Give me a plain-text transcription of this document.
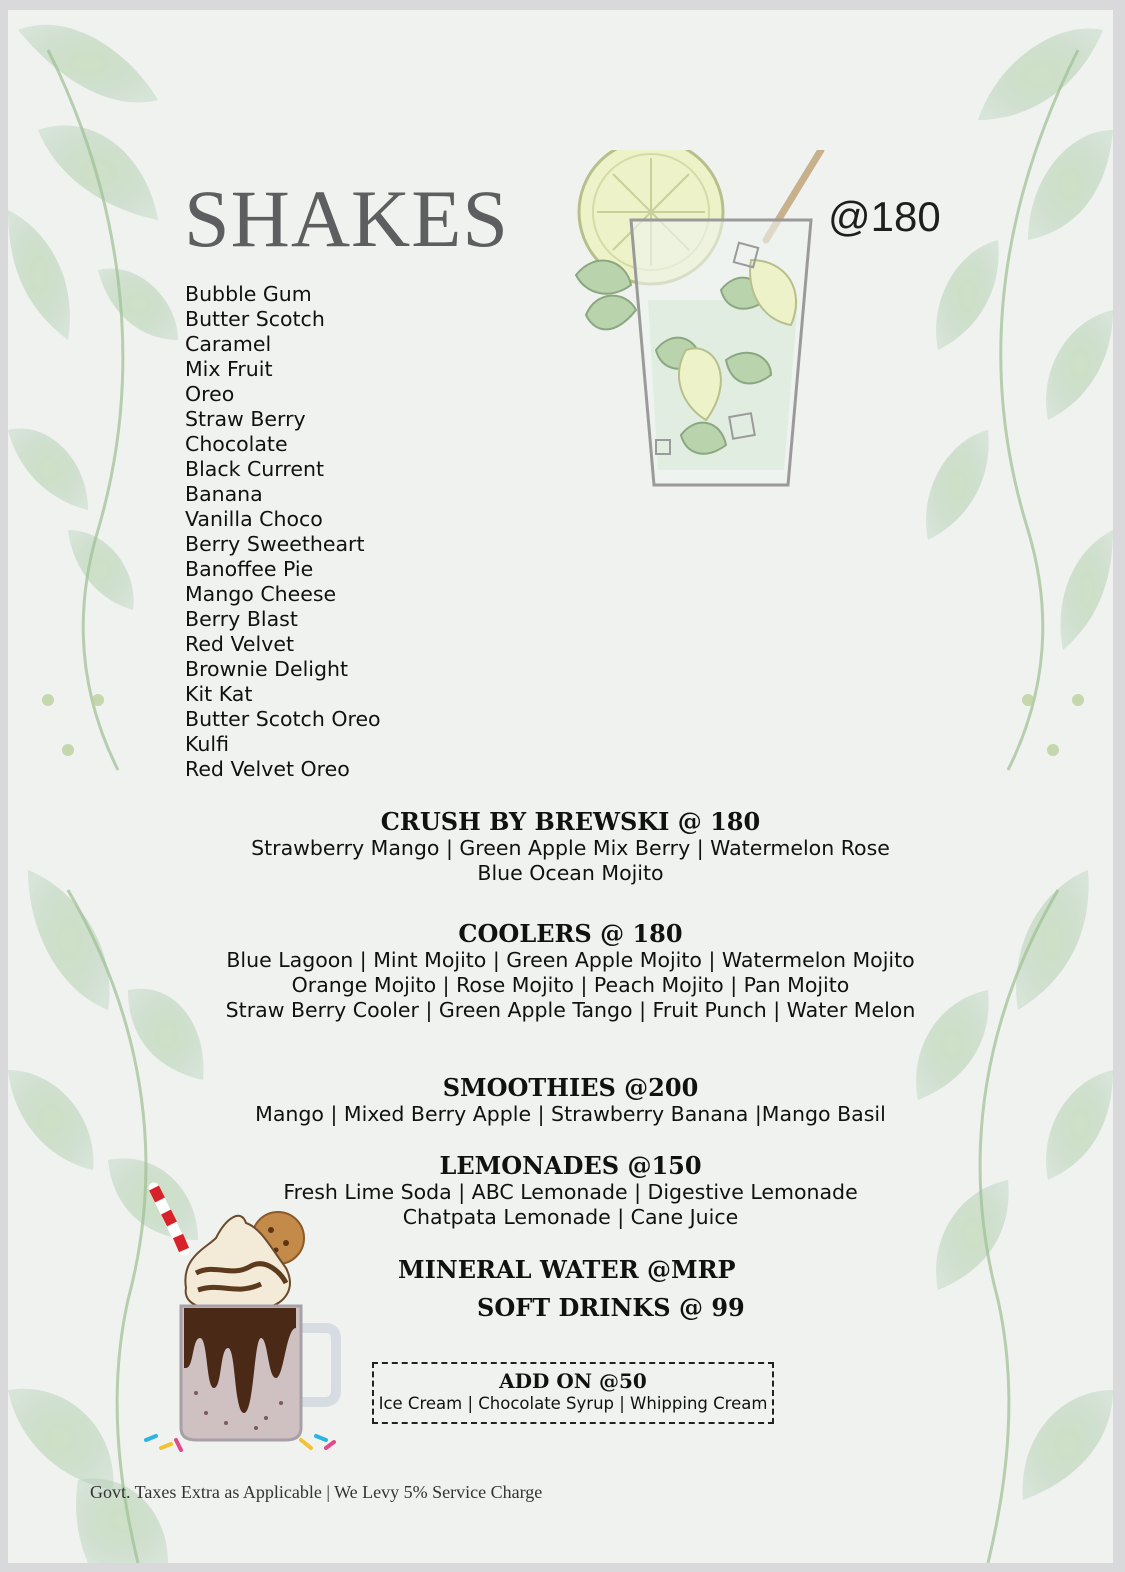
SHAKES	@180
Bubble Gum
Butter Scotch
Caramel
Mix Fruit
Oreo
Straw Berry
Chocolate
Black Current
Banana
Vanilla Choco
Berry Sweetheart
Banoffee Pie
Mango Cheese
Berry Blast
Red Velvet
Brownie Delight
Kit Kat
Butter Scotch Oreo
Kulfi
Red Velvet Oreo
CRUSH BY BREWSKI @ 180
Strawberry Mango | Green Apple Mix Berry | Watermelon Rose
Blue Ocean Mojito
COOLERS @ 180
Blue Lagoon | Mint Mojito | Green Apple Mojito | Watermelon Mojito
Orange Mojito | Rose Mojito | Peach Mojito | Pan Mojito
Straw Berry Cooler | Green Apple Tango | Fruit Punch | Water Melon
SMOOTHIES @200
Mango | Mixed Berry Apple | Strawberry Banana |Mango Basil
LEMONADES @150
Fresh Lime Soda | ABC Lemonade | Digestive Lemonade
Chatpata Lemonade | Cane Juice
MINERAL WATER @MRP
SOFT DRINKS @ 99
ADD ON @50
Ice Cream | Chocolate Syrup | Whipping Cream
Govt. Taxes Extra as Applicable | We Levy 5% Service Charge
